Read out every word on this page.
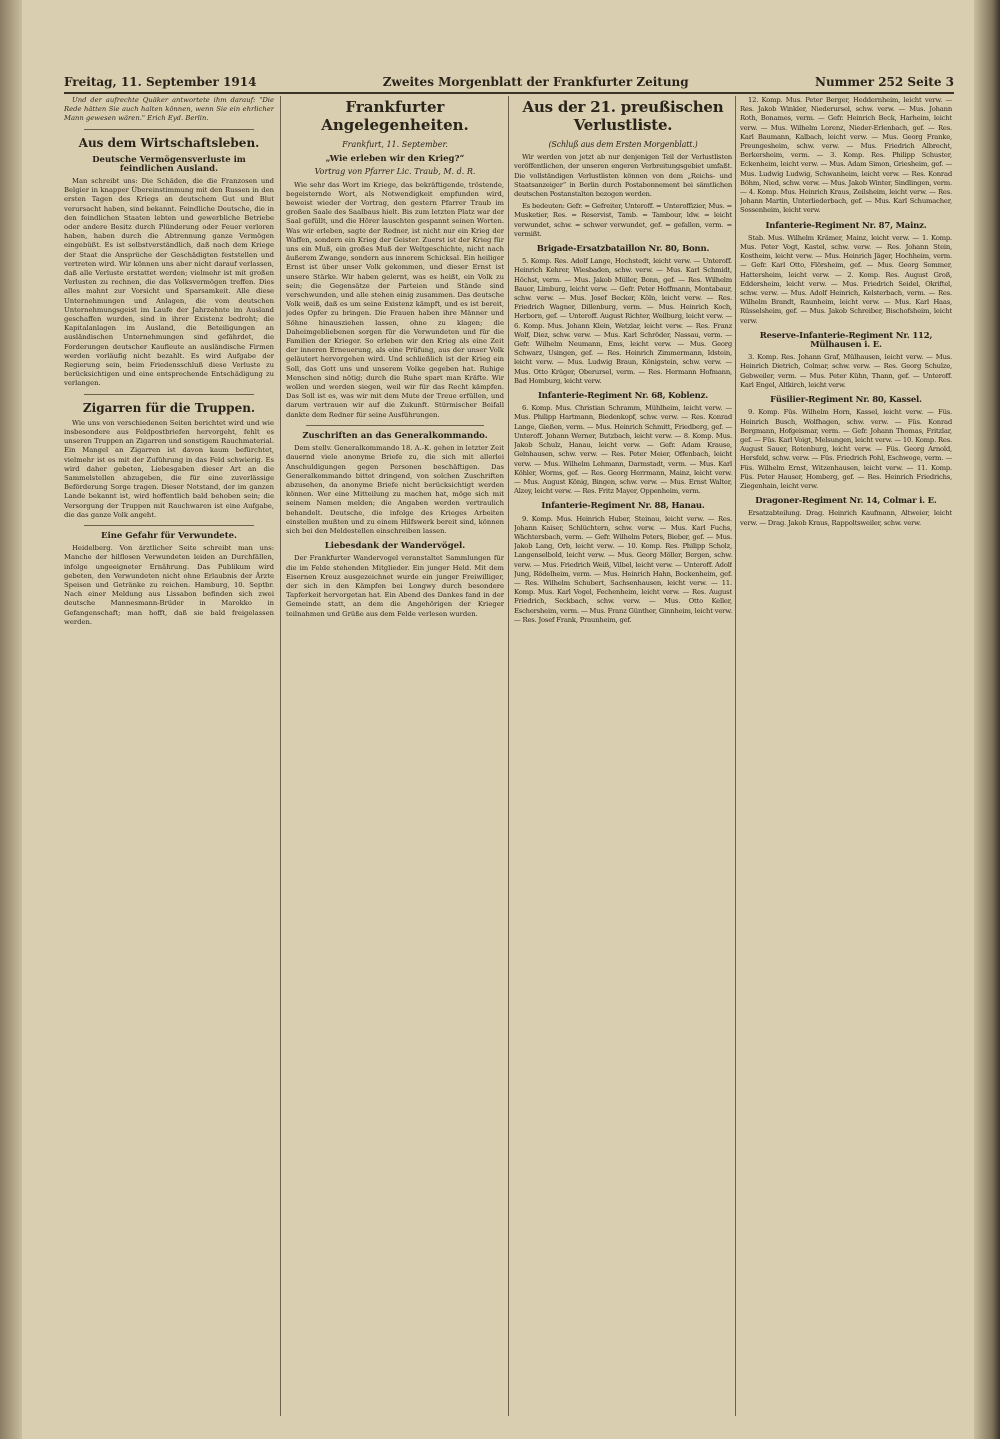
Freitag, 11. September 1914	Zweites Morgenblatt der Frankfurter Zeitung	Nummer 252 Seite 3

Und der aufrechte Quäker antwortete ihm darauf: "Die Rede hätten Sie auch halten können, wenn Sie ein ehrlicher Mann gewesen wären." Erich Eyd. Berlin.

Aus dem Wirtschaftsleben.
Deutsche Vermögensverluste im feindlichen Ausland.

Man schreibt uns: Die Schäden, die die Franzosen und Belgier in knapper Übereinstimmung mit den Russen in den ersten Tagen des Kriegs an deutschem Gut und Blut verursacht haben, sind bekannt. Feindliche Deutsche, die in den feindlichen Staaten lebten und gewerbliche Betriebe oder andere Besitz durch Plünderung oder Feuer verloren haben, haben durch die Abtrennung ganze Vermögen eingebüßt. Es ist selbstverständlich, daß nach dem Kriege der Staat die Ansprüche der Geschädigten feststellen und vertreten wird. Wir können uns aber nicht darauf verlassen, daß alle Verluste erstattet werden; vielmehr ist mit großen Verlusten zu rechnen, die das Volksvermögen treffen. Dies alles mahnt zur Vorsicht und Sparsamkeit. Alle diese Unternehmungen und Anlagen, die vom deutschen Unternehmungsgeist im Laufe der Jahrzehnte im Ausland geschaffen wurden, sind in ihrer Existenz bedroht; die Kapitalanlagen im Ausland, die Beteiligungen an ausländischen Unternehmungen sind gefährdet, die Forderungen deutscher Kaufleute an ausländische Firmen werden vorläufig nicht bezahlt. Es wird Aufgabe der Regierung sein, beim Friedensschluß diese Verluste zu berücksichtigen und eine entsprechende Entschädigung zu verlangen.

Zigarren für die Truppen.

Wie uns von verschiedenen Seiten berichtet wird und wie insbesondere aus Feldpostbriefen hervorgeht, fehlt es unseren Truppen an Zigarren und sonstigem Rauchmaterial. Ein Mangel an Zigarren ist davon kaum befürchtet, vielmehr ist es mit der Zuführung in das Feld schwierig. Es wird daher gebeten, Liebesgaben dieser Art an die Sammelstellen abzugeben, die für eine zuverlässige Beförderung Sorge tragen. Dieser Notstand, der im ganzen Lande bekannt ist, wird hoffentlich bald behoben sein; die Versorgung der Truppen mit Rauchwaren ist eine Aufgabe, die das ganze Volk angeht.

Eine Gefahr für Verwundete.

Heidelberg. Von ärztlicher Seite schreibt man uns: Manche der hilflosen Verwundeten leiden an Durchfällen, infolge ungeeigneter Ernährung. Das Publikum wird gebeten, den Verwundeten nicht ohne Erlaubnis der Ärzte Speisen und Getränke zu reichen. Hamburg, 10. Septbr. Nach einer Meldung aus Lissabon befinden sich zwei deutsche Mannesmann-Brüder in Marokko in Gefangenschaft; man hofft, daß sie bald freigelassen werden.

Frankfurter Angelegenheiten.
Frankfurt, 11. September.
„Wie erleben wir den Krieg?“
Vortrag von Pfarrer Lic. Traub, M. d. R.

Wie sehr das Wort im Kriege, das bekräftigende, tröstende, begeisternde Wort, als Notwendigkeit empfunden wird, beweist wieder der Vortrag, den gestern Pfarrer Traub im großen Saale des Saalbaus hielt. Bis zum letzten Platz war der Saal gefüllt, und die Hörer lauschten gespannt seinen Worten. Was wir erleben, sagte der Redner, ist nicht nur ein Krieg der Waffen, sondern ein Krieg der Geister. Zuerst ist der Krieg für uns ein Muß, ein großes Muß der Weltgeschichte, nicht nach äußerem Zwange, sondern aus innerem Schicksal. Ein heiliger Ernst ist über unser Volk gekommen, und dieser Ernst ist unsere Stärke. Wir haben gelernt, was es heißt, ein Volk zu sein; die Gegensätze der Parteien und Stände sind verschwunden, und alle stehen einig zusammen. Das deutsche Volk weiß, daß es um seine Existenz kämpft, und es ist bereit, jedes Opfer zu bringen. Die Frauen haben ihre Männer und Söhne hinausziehen lassen, ohne zu klagen; die Daheimgebliebenen sorgen für die Verwundeten und für die Familien der Krieger. So erleben wir den Krieg als eine Zeit der inneren Erneuerung, als eine Prüfung, aus der unser Volk geläutert hervorgehen wird. Und schließlich ist der Krieg ein Soll, das Gott uns und unserem Volke gegeben hat. Ruhige Menschen sind nötig; durch die Ruhe spart man Kräfte. Wir wollen und werden siegen, weil wir für das Recht kämpfen. Das Soll ist es, was wir mit dem Mute der Treue erfüllen, und darum vertrauen wir auf die Zukunft. Stürmischer Beifall dankte dem Redner für seine Ausführungen.

Zuschriften an das Generalkommando.

Dem stellv. Generalkommando 18. A.-K. gehen in letzter Zeit dauernd viele anonyme Briefe zu, die sich mit allerlei Anschuldigungen gegen Personen beschäftigen. Das Generalkommando bittet dringend, von solchen Zuschriften abzusehen, da anonyme Briefe nicht berücksichtigt werden können. Wer eine Mitteilung zu machen hat, möge sich mit seinem Namen melden; die Angaben werden vertraulich behandelt. Deutsche, die infolge des Krieges Arbeiten einstellen mußten und zu einem Hilfswerk bereit sind, können sich bei den Meldestellen einschreiben lassen.

Liebesdank der Wandervögel.

Der Frankfurter Wandervogel veranstaltet Sammlungen für die im Felde stehenden Mitglieder. Ein junger Held. Mit dem Eisernen Kreuz ausgezeichnet wurde ein junger Freiwilliger, der sich in den Kämpfen bei Longwy durch besondere Tapferkeit hervorgetan hat. Ein Abend des Dankes fand in der Gemeinde statt, an dem die Angehörigen der Krieger teilnahmen und Grüße aus dem Felde verlesen wurden.

Aus der 21. preußischen Verlustliste.
(Schluß aus dem Ersten Morgenblatt.)

Wir werden von jetzt ab nur denjenigen Teil der Verlustlisten veröffentlichen, der unseren engeren Verbreitungsgebiet umfaßt. Die vollständigen Verlustlisten können von dem „Reichs- und Staatsanzeiger“ in Berlin durch Postabonnement bei sämtlichen deutschen Postanstalten bezogen werden.

Es bedeuten: Gefr. = Gefreiter, Unteroff. = Unteroffizier, Mus. = Musketier, Res. = Reservist, Tamb. = Tambour, ldw. = leicht verwundet, schw. = schwer verwundet, gef. = gefallen, verm. = vermißt.

Brigade-Ersatzbataillon Nr. 80, Bonn.

5. Komp. Res. Adolf Lange, Hochstedt, leicht verw. — Unteroff. Heinrich Kehrer, Wiesbaden, schw. verw. — Mus. Karl Schmidt, Höchst, verm. — Mus. Jakob Müller, Bonn, gef. — Res. Wilhelm Bauer, Limburg, leicht verw. — Gefr. Peter Hoffmann, Montabaur, schw. verw. — Mus. Josef Becker, Köln, leicht verw. — Res. Friedrich Wagner, Dillenburg, verm. — Mus. Heinrich Koch, Herborn, gef. — Unteroff. August Richter, Weilburg, leicht verw. — 6. Komp. Mus. Johann Klein, Wetzlar, leicht verw. — Res. Franz Wolf, Diez, schw. verw. — Mus. Karl Schröder, Nassau, verm. — Gefr. Wilhelm Neumann, Ems, leicht verw. — Mus. Georg Schwarz, Usingen, gef. — Res. Heinrich Zimmermann, Idstein, leicht verw. — Mus. Ludwig Braun, Königstein, schw. verw. — Mus. Otto Krüger, Oberursel, verm. — Res. Hermann Hofmann, Bad Homburg, leicht verw.

Infanterie-Regiment Nr. 68, Koblenz.

6. Komp. Mus. Christian Schramm, Mühlheim, leicht verw. — Mus. Philipp Hartmann, Biedenkopf, schw. verw. — Res. Konrad Lange, Gießen, verm. — Mus. Heinrich Schmitt, Friedberg, gef. — Unteroff. Johann Werner, Butzbach, leicht verw. — 8. Komp. Mus. Jakob Schulz, Hanau, leicht verw. — Gefr. Adam Krause, Gelnhausen, schw. verw. — Res. Peter Meier, Offenbach, leicht verw. — Mus. Wilhelm Lehmann, Darmstadt, verm. — Mus. Karl Köhler, Worms, gef. — Res. Georg Herrmann, Mainz, leicht verw. — Mus. August König, Bingen, schw. verw. — Mus. Ernst Walter, Alzey, leicht verw. — Res. Fritz Mayer, Oppenheim, verm.

Infanterie-Regiment Nr. 88, Hanau.

9. Komp. Mus. Heinrich Huber, Steinau, leicht verw. — Res. Johann Kaiser, Schlüchtern, schw. verw. — Mus. Karl Fuchs, Wächtersbach, verm. — Gefr. Wilhelm Peters, Bieber, gef. — Mus. Jakob Lang, Orb, leicht verw. — 10. Komp. Res. Philipp Scholz, Langenselbold, leicht verw. — Mus. Georg Möller, Bergen, schw. verw. — Mus. Friedrich Weiß, Vilbel, leicht verw. — Unteroff. Adolf Jung, Rödelheim, verm. — Mus. Heinrich Hahn, Bockenheim, gef. — Res. Wilhelm Schubert, Sachsenhausen, leicht verw. — 11. Komp. Mus. Karl Vogel, Fechenheim, leicht verw. — Res. August Friedrich, Seckbach, schw. verw. — Mus. Otto Keller, Eschersheim, verm. — Mus. Franz Günther, Ginnheim, leicht verw. — Res. Josef Frank, Praunheim, gef.

12. Komp. Mus. Peter Berger, Heddernheim, leicht verw. — Res. Jakob Winkler, Niederursel, schw. verw. — Mus. Johann Roth, Bonames, verm. — Gefr. Heinrich Beck, Harheim, leicht verw. — Mus. Wilhelm Lorenz, Nieder-Erlenbach, gef. — Res. Karl Baumann, Kalbach, leicht verw. — Mus. Georg Franke, Preungesheim, schw. verw. — Mus. Friedrich Albrecht, Berkersheim, verm. — 3. Komp. Res. Philipp Schuster, Eckenheim, leicht verw. — Mus. Adam Simon, Griesheim, gef. — Mus. Ludwig Ludwig, Schwanheim, leicht verw. — Res. Konrad Böhm, Nied, schw. verw. — Mus. Jakob Winter, Sindlingen, verm. — 4. Komp. Mus. Heinrich Kraus, Zeilsheim, leicht verw. — Res. Johann Martin, Unterliederbach, gef. — Mus. Karl Schumacher, Sossenheim, leicht verw.

Infanterie-Regiment Nr. 87, Mainz.

Stab. Mus. Wilhelm Krämer, Mainz, leicht verw. — 1. Komp. Mus. Peter Vogt, Kastel, schw. verw. — Res. Johann Stein, Kostheim, leicht verw. — Mus. Heinrich Jäger, Hochheim, verm. — Gefr. Karl Otto, Flörsheim, gef. — Mus. Georg Sommer, Hattersheim, leicht verw. — 2. Komp. Res. August Groß, Eddersheim, leicht verw. — Mus. Friedrich Seidel, Okriftel, schw. verw. — Mus. Adolf Heinrich, Kelsterbach, verm. — Res. Wilhelm Brandt, Raunheim, leicht verw. — Mus. Karl Haas, Rüsselsheim, gef. — Mus. Jakob Schreiber, Bischofsheim, leicht verw.

Reserve-Infanterie-Regiment Nr. 112, Mülhausen i. E.

3. Komp. Res. Johann Graf, Mülhausen, leicht verw. — Mus. Heinrich Dietrich, Colmar, schw. verw. — Res. Georg Schulze, Gebweiler, verm. — Mus. Peter Kühn, Thann, gef. — Unteroff. Karl Engel, Altkirch, leicht verw.

Füsilier-Regiment Nr. 80, Kassel.

9. Komp. Füs. Wilhelm Horn, Kassel, leicht verw. — Füs. Heinrich Busch, Wolfhagen, schw. verw. — Füs. Konrad Bergmann, Hofgeismar, verm. — Gefr. Johann Thomas, Fritzlar, gef. — Füs. Karl Voigt, Melsungen, leicht verw. — 10. Komp. Res. August Sauer, Rotenburg, leicht verw. — Füs. Georg Arnold, Hersfeld, schw. verw. — Füs. Friedrich Pohl, Eschwege, verm. — Füs. Wilhelm Ernst, Witzenhausen, leicht verw. — 11. Komp. Füs. Peter Hauser, Homberg, gef. — Res. Heinrich Friedrichs, Ziegenhain, leicht verw.

Dragoner-Regiment Nr. 14, Colmar i. E.

Ersatzabteilung. Drag. Heinrich Kaufmann, Altweier, leicht verw. — Drag. Jakob Kraus, Rappoltsweiler, schw. verw.
